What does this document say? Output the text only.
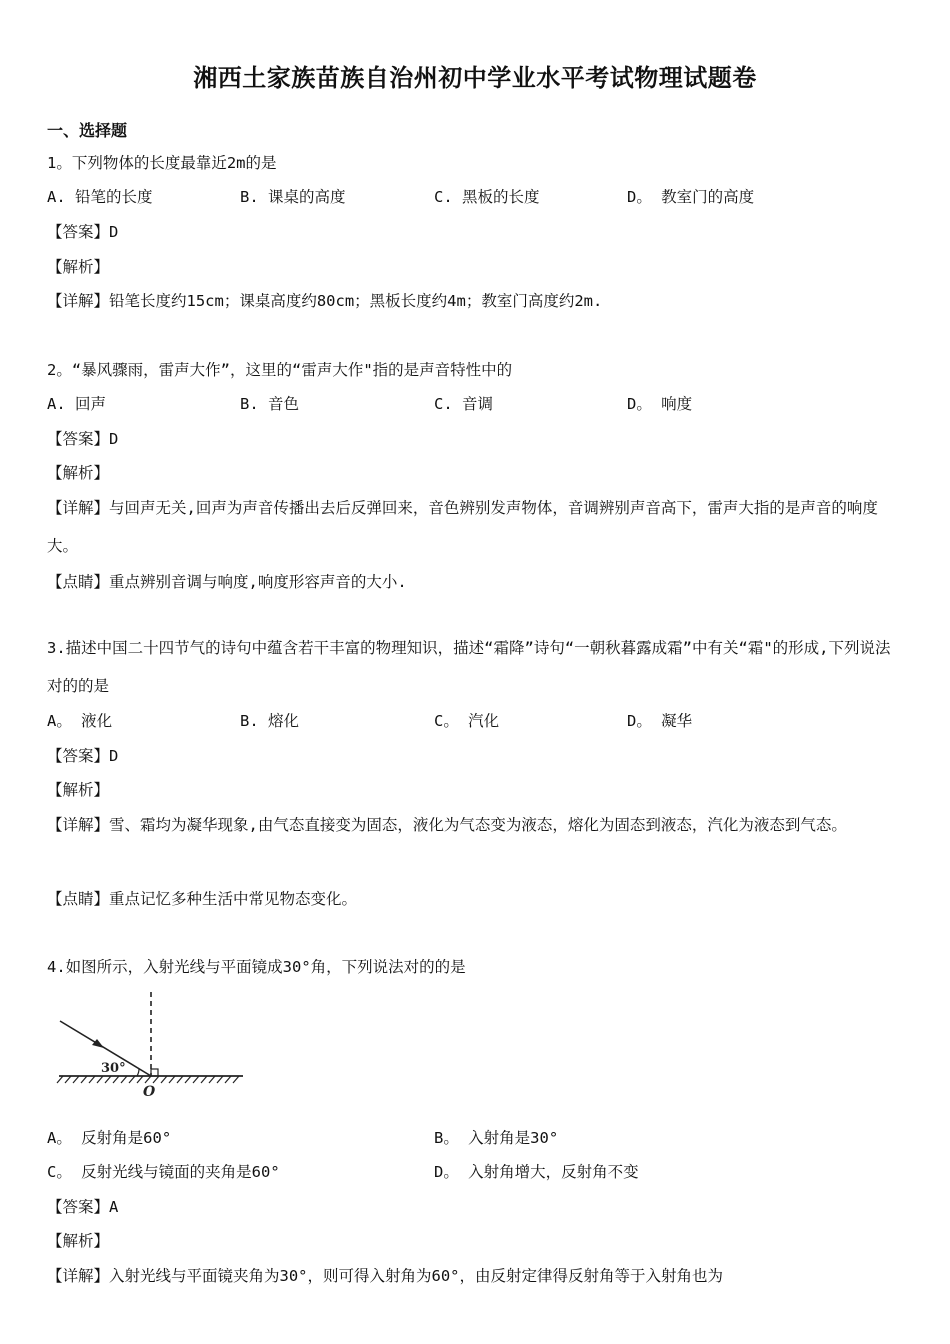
湘西土家族苗族自治州初中学业水平考试物理试题卷
一、选择题
1。下列物体的长度最靠近2m的是
A. 铅笔的长度	B. 课桌的高度	C. 黑板的长度	D。 教室门的高度
【答案】D
【解析】
【详解】铅笔长度约15cm；课桌高度约80cm；黑板长度约4m；教室门高度约2m.
2。“暴风骤雨，雷声大作”，这里的“雷声大作"指的是声音特性中的
A. 回声	B. 音色	C. 音调	D。 响度
【答案】D
【解析】
【详解】与回声无关,回声为声音传播出去后反弹回来，音色辨别发声物体，音调辨别声音高下，雷声大指的是声音的响度大。
【点睛】重点辨别音调与响度,响度形容声音的大小.
3.描述中国二十四节气的诗句中蕴含若干丰富的物理知识，描述“霜降”诗句“一朝秋暮露成霜”中有关“霜"的形成,下列说法对的的是
A。 液化	B. 熔化	C。 汽化	D。 凝华
【答案】D
【解析】
【详解】雪、霜均为凝华现象,由气态直接变为固态，液化为气态变为液态，熔化为固态到液态，汽化为液态到气态。
【点睛】重点记忆多种生活中常见物态变化。
4.如图所示，入射光线与平面镜成30°角，下列说法对的的是
30°
O
A。 反射角是60°	B。 入射角是30°
C。 反射光线与镜面的夹角是60°	D。 入射角增大，反射角不变
【答案】A
【解析】
【详解】入射光线与平面镜夹角为30°，则可得入射角为60°，由反射定律得反射角等于入射角也为
